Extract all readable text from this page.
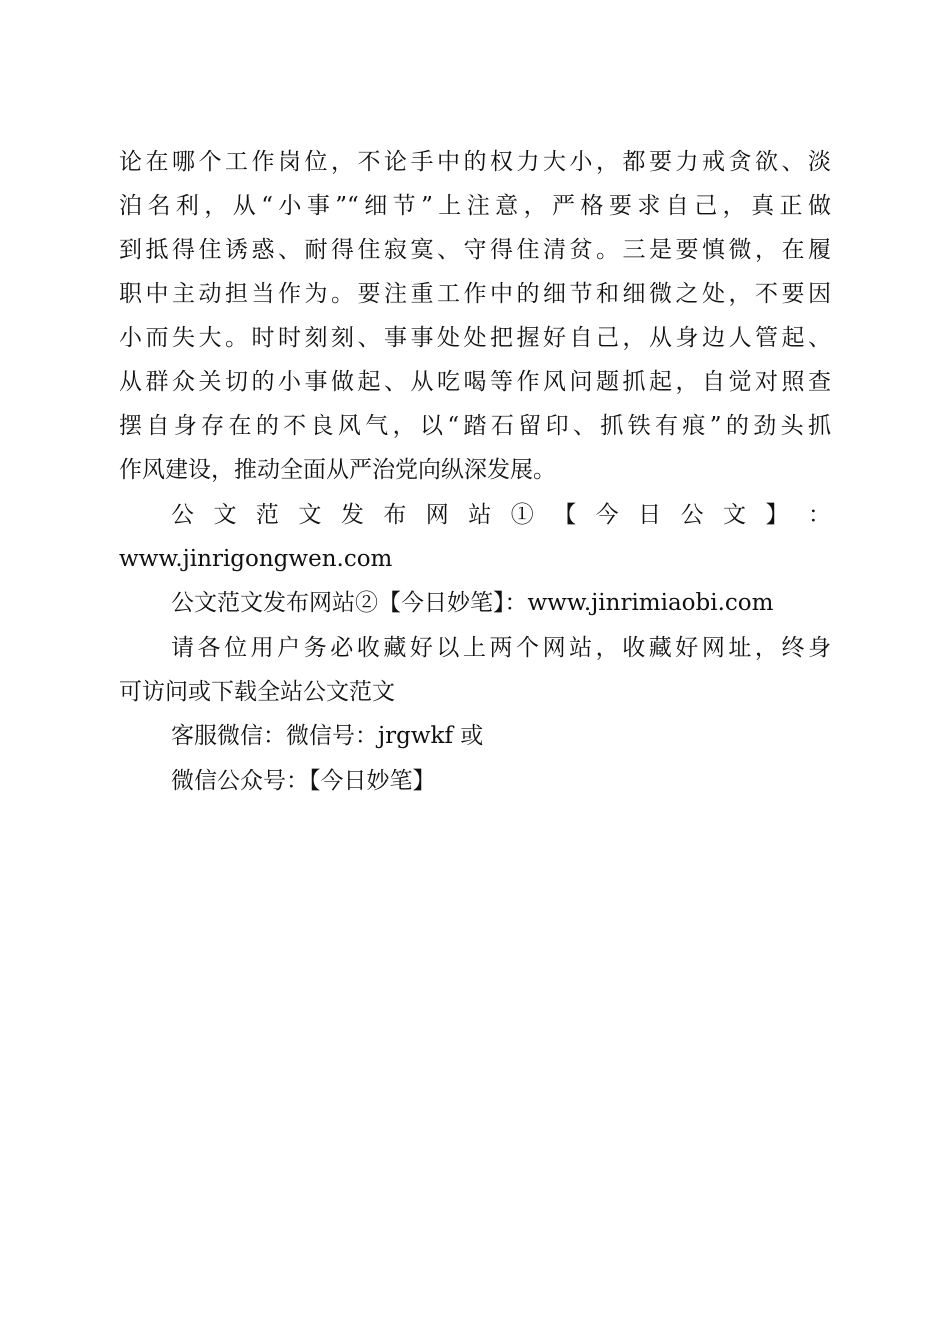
论在哪个工作岗位，不论手中的权力大小，都要力戒贪欲、淡
泊名利，从“小事”“细节”上注意，严格要求自己，真正做
到抵得住诱惑、耐得住寂寞、守得住清贫。三是要慎微，在履
职中主动担当作为。要注重工作中的细节和细微之处，不要因
小而失大。时时刻刻、事事处处把握好自己，从身边人管起、
从群众关切的小事做起、从吃喝等作风问题抓起，自觉对照查
摆自身存在的不良风气，以“踏石留印、抓铁有痕”的劲头抓
作风建设，推动全面从严治党向纵深发展。
公 文 范 文 发 布 网 站 ① 【 今 日 公 文 】 ：
www.jinrigongwen.com
公文范文发布网站②【今日妙笔】：www.jinrimiaobi.com
请各位用户务必收藏好以上两个网站，收藏好网址，终身
可访问或下载全站公文范文
客服微信：微信号：jrgwkf 或
微信公众号：【今日妙笔】
